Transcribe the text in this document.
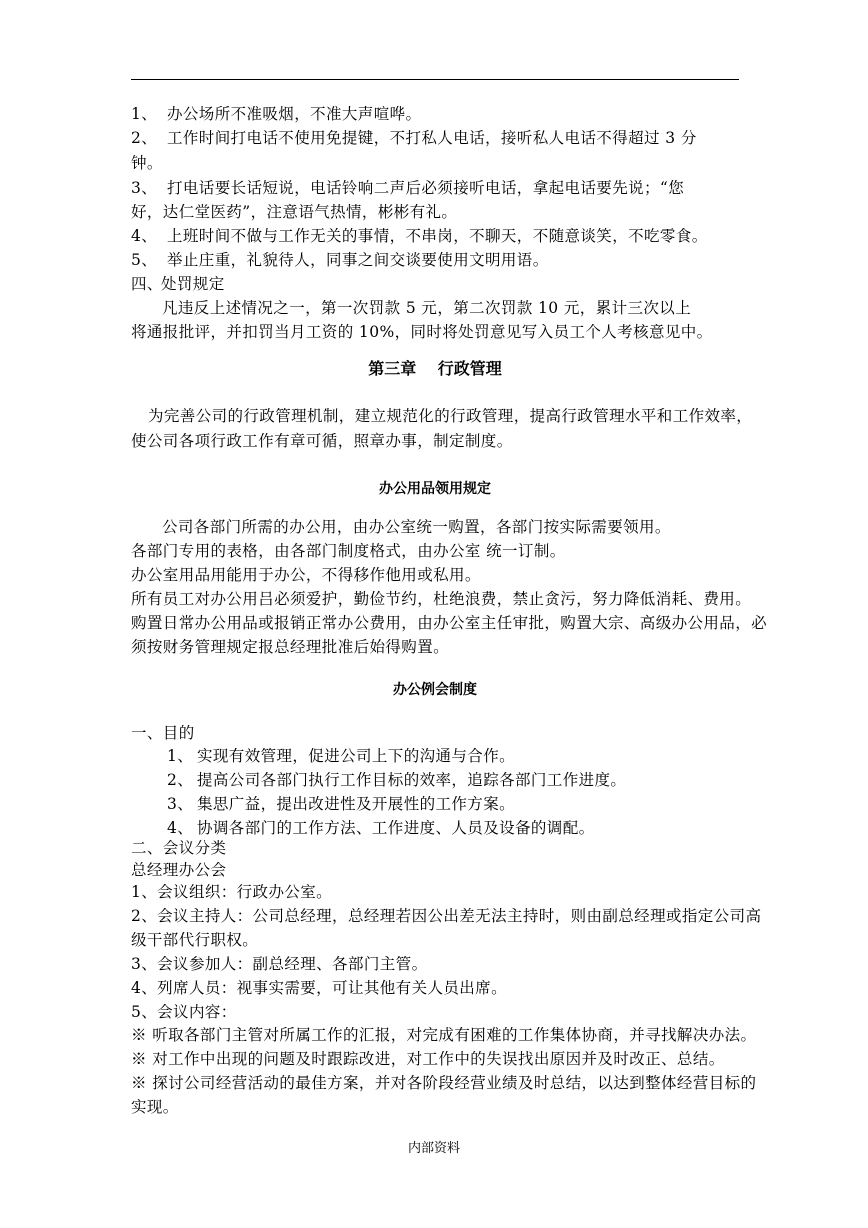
1、 办公场所不准吸烟，不准大声喧哗。
2、 工作时间打电话不使用免提键，不打私人电话，接听私人电话不得超过 3 分
钟。
3、 打电话要长话短说，电话铃响二声后必须接听电话，拿起电话要先说；“您
好，达仁堂医药”，注意语气热情，彬彬有礼。
4、 上班时间不做与工作无关的事情，不串岗，不聊天，不随意谈笑，不吃零食。
5、 举止庄重，礼貌待人，同事之间交谈要使用文明用语。
四、处罚规定
凡违反上述情况之一，第一次罚款 5 元，第二次罚款 10 元，累计三次以上
将通报批评，并扣罚当月工资的 10%，同时将处罚意见写入员工个人考核意见中。
第三章　 行政管理
为完善公司的行政管理机制，建立规范化的行政管理，提高行政管理水平和工作效率，
使公司各项行政工作有章可循，照章办事，制定制度。
办公用品领用规定
公司各部门所需的办公用，由办公室统一购置，各部门按实际需要领用。
各部门专用的表格，由各部门制度格式，由办公室 统一订制。
办公室用品用能用于办公，不得移作他用或私用。
所有员工对办公用吕必须爱护，勤俭节约，杜绝浪费，禁止贪污，努力降低消耗、费用。
购置日常办公用品或报销正常办公费用，由办公室主任审批，购置大宗、高级办公用品，必
须按财务管理规定报总经理批准后始得购置。
办公例会制度
一、目的
1、 实现有效管理，促进公司上下的沟通与合作。
2、 提高公司各部门执行工作目标的效率，追踪各部门工作进度。
3、 集思广益，提出改进性及开展性的工作方案。
4、 协调各部门的工作方法、工作进度、人员及设备的调配。
二、会议分类
总经理办公会
1、会议组织：行政办公室。
2、会议主持人：公司总经理，总经理若因公出差无法主持时，则由副总经理或指定公司高
级干部代行职权。
3、会议参加人：副总经理、各部门主管。
4、列席人员：视事实需要，可让其他有关人员出席。
5、会议内容：
※ 听取各部门主管对所属工作的汇报，对完成有困难的工作集体协商，并寻找解决办法。
※ 对工作中出现的问题及时跟踪改进，对工作中的失误找出原因并及时改正、总结。
※ 探讨公司经营活动的最佳方案，并对各阶段经营业绩及时总结，以达到整体经营目标的
实现。
内部资料
